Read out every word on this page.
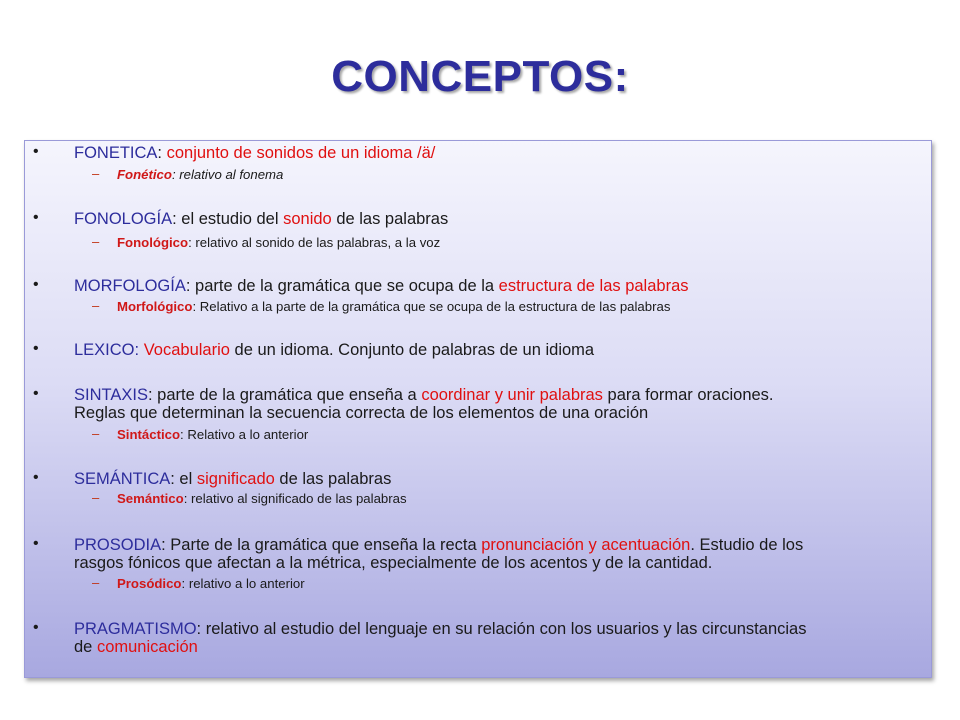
CONCEPTOS:
• FONETICA: conjunto de sonidos de un idioma /ä/
– Fonético: relativo al fonema
• FONOLOGÍA: el estudio del sonido de las palabras
– Fonológico: relativo al sonido de las palabras, a la voz
• MORFOLOGÍA: parte de la gramática que se ocupa de la estructura de las palabras
– Morfológico: Relativo a la parte de la gramática que se ocupa de la estructura de las palabras
• LEXICO: Vocabulario de un idioma. Conjunto de palabras de un idioma
• SINTAXIS: parte de la gramática que enseña a coordinar y unir palabras para formar oraciones.
Reglas que determinan la secuencia correcta de los elementos de una oración
– Sintáctico: Relativo a lo anterior
• SEMÁNTICA: el significado de las palabras
– Semántico: relativo al significado de las palabras
• PROSODIA: Parte de la gramática que enseña la recta pronunciación y acentuación. Estudio de los
rasgos fónicos que afectan a la métrica, especialmente de los acentos y de la cantidad.
– Prosódico: relativo a lo anterior
• PRAGMATISMO: relativo al estudio del lenguaje en su relación con los usuarios y las circunstancias
de comunicación
